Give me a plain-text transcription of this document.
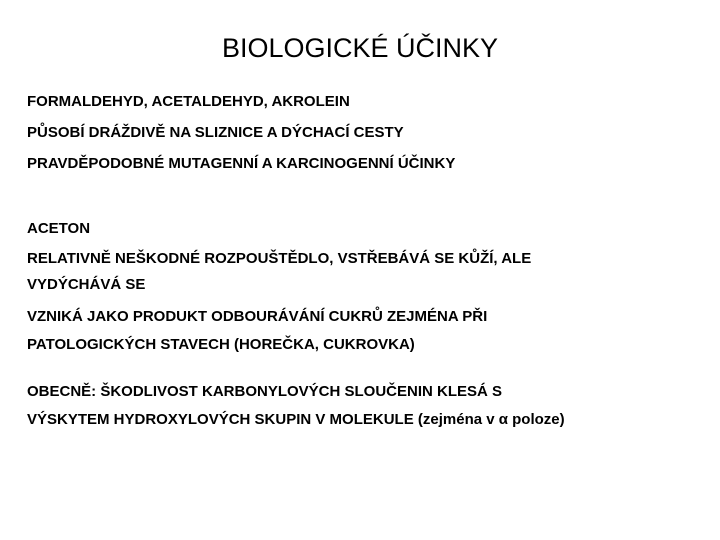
BIOLOGICKÉ ÚČINKY
FORMALDEHYD, ACETALDEHYD, AKROLEIN
PŮSOBÍ DRÁŽDIVĚ NA SLIZNICE A DÝCHACÍ CESTY
PRAVDĚPODOBNÉ MUTAGENNÍ A KARCINOGENNÍ ÚČINKY
ACETON
RELATIVNĚ NEŠKODNÉ ROZPOUŠTĚDLO, VSTŘEBÁVÁ SE KŮŽÍ, ALE
VYDÝCHÁVÁ SE
VZNIKÁ JAKO PRODUKT ODBOURÁVÁNÍ CUKRŮ ZEJMÉNA PŘI
PATOLOGICKÝCH STAVECH (HOREČKA, CUKROVKA)
OBECNĚ: ŠKODLIVOST KARBONYLOVÝCH SLOUČENIN KLESÁ S
VÝSKYTEM HYDROXYLOVÝCH SKUPIN V MOLEKULE (zejména v α poloze)
